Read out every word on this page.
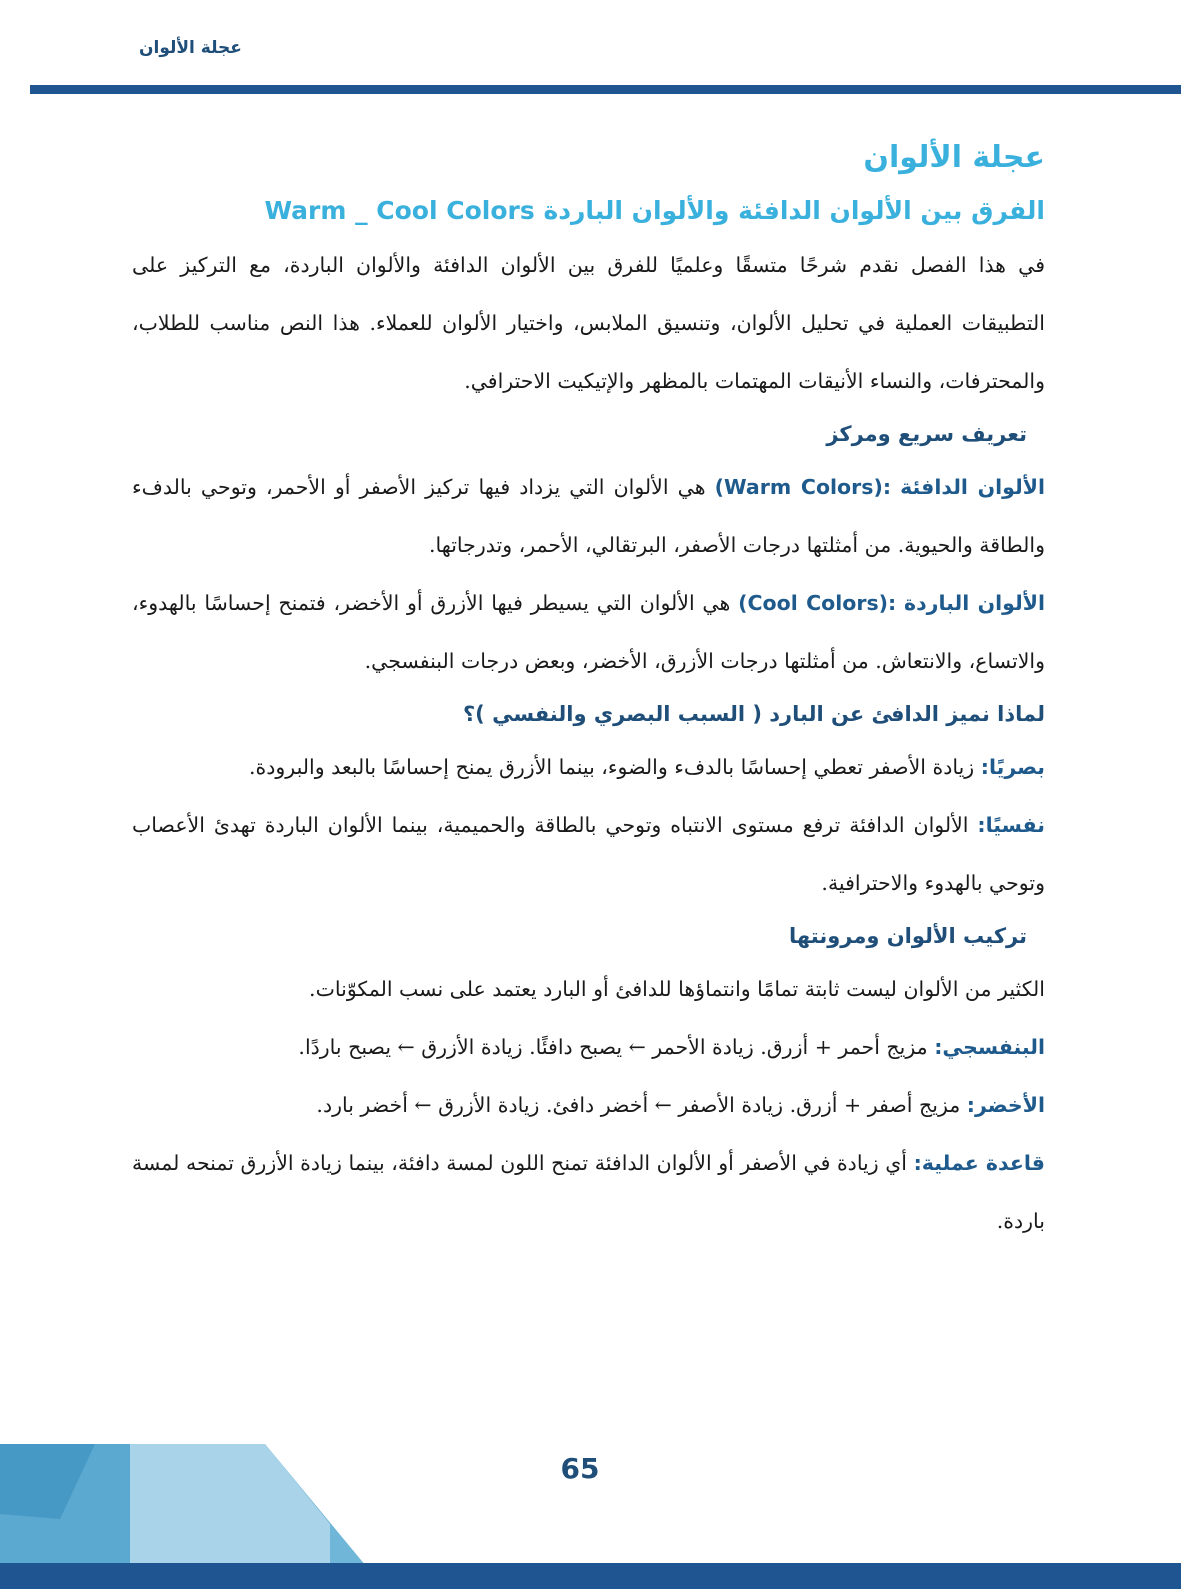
عجلة الألوان
عجلة الألوان
الفرق بين الألوان الدافئة والألوان الباردة Warm _ Cool Colors

في هذا الفصل نقدم شرحًا متسقًا وعلميًا للفرق بين الألوان الدافئة والألوان الباردة، مع التركيز على التطبيقات العملية في تحليل الألوان، وتنسيق الملابس، واختيار الألوان للعملاء. هذا النص مناسب للطلاب، والمحترفات، والنساء الأنيقات المهتمات بالمظهر والإتيكيت الاحترافي.

تعريف سريع ومركز

الألوان الدافئة (Warm Colors): هي الألوان التي يزداد فيها تركيز الأصفر أو الأحمر، وتوحي بالدفء والطاقة والحيوية. من أمثلتها درجات الأصفر، البرتقالي، الأحمر، وتدرجاتها.

الألوان الباردة (Cool Colors): هي الألوان التي يسيطر فيها الأزرق أو الأخضر، فتمنح إحساسًا بالهدوء، والاتساع، والانتعاش. من أمثلتها درجات الأزرق، الأخضر، وبعض درجات البنفسجي.

لماذا نميز الدافئ عن البارد ( السبب البصري والنفسي )؟

بصريًا: زيادة الأصفر تعطي إحساسًا بالدفء والضوء، بينما الأزرق يمنح إحساسًا بالبعد والبرودة.

نفسيًا: الألوان الدافئة ترفع مستوى الانتباه وتوحي بالطاقة والحميمية، بينما الألوان الباردة تهدئ الأعصاب وتوحي بالهدوء والاحترافية.

تركيب الألوان ومرونتها

الكثير من الألوان ليست ثابتة تمامًا وانتماؤها للدافئ أو البارد يعتمد على نسب المكوّنات.

البنفسجي: مزيج أحمر + أزرق. زيادة الأحمر ← يصبح دافئًا. زيادة الأزرق ← يصبح باردًا.

الأخضر: مزيج أصفر + أزرق. زيادة الأصفر ← أخضر دافئ. زيادة الأزرق ← أخضر بارد.

قاعدة عملية: أي زيادة في الأصفر أو الألوان الدافئة تمنح اللون لمسة دافئة، بينما زيادة الأزرق تمنحه لمسة باردة.

65
